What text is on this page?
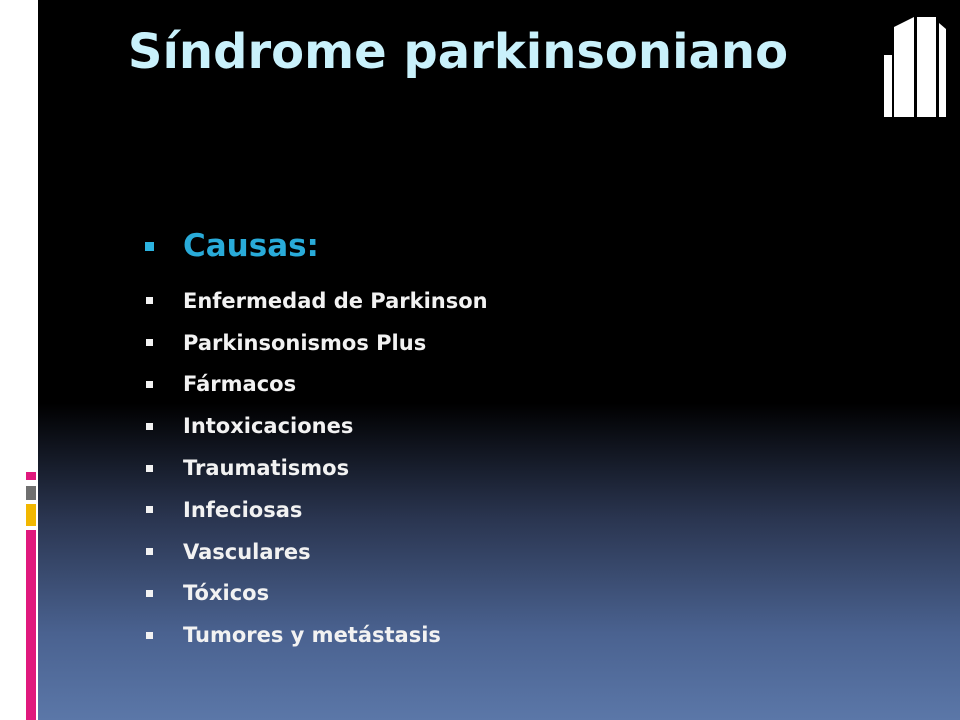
Síndrome parkinsoniano
Causas:
Enfermedad de Parkinson
Parkinsonismos Plus
Fármacos
Intoxicaciones
Traumatismos
Infeciosas
Vasculares
Tóxicos
Tumores y metástasis
